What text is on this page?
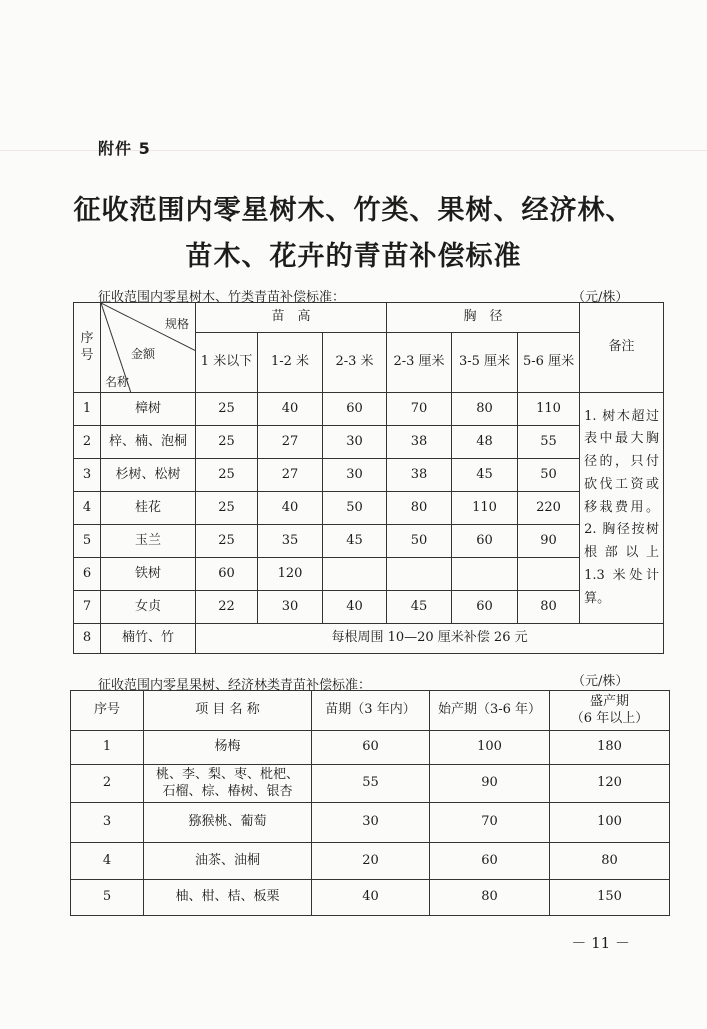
附件 5
征收范围内零星树木、竹类、果树、经济林、
苗木、花卉的青苗补偿标准
征收范围内零星树木、竹类青苗补偿标准：	（元/株）
序号	规格
金额
名称	苗　高			胸　径			备注
		1 米以下	1-2 米	2-3 米	2-3 厘米	3-5 厘米	5-6 厘米	
1	樟树	25	40	60	70	80	110	1. 树木超过表中最大胸径的，只付砍伐工资或移栽费用。2. 胸径按树根部以上 1.3 米处计算。
2	梓、楠、泡桐	25	27	30	38	48	55	
3	杉树、松树	25	27	30	38	45	50	
4	桂花	25	40	50	80	110	220	
5	玉兰	25	35	45	50	60	90	
6	铁树	60	120					
7	女贞	22	30	40	45	60	80	
8	楠竹、竹	每根周围 10—20 厘米补偿 26 元						
征收范围内零星果树、经济林类青苗补偿标准：	（元/株）
序号	项 目 名 称	苗期（3 年内）	始产期（3-6 年）	盛产期
（6 年以上）

1	杨梅	60	100	180
2	桃、李、梨、枣、枇杷、
石榴、棕、椿树、银杏	55	90	120
3	猕猴桃、葡萄	30	70	100
4	油茶、油桐	20	60	80
5	柚、柑、桔、板栗	40	80	150
－ 11 －
